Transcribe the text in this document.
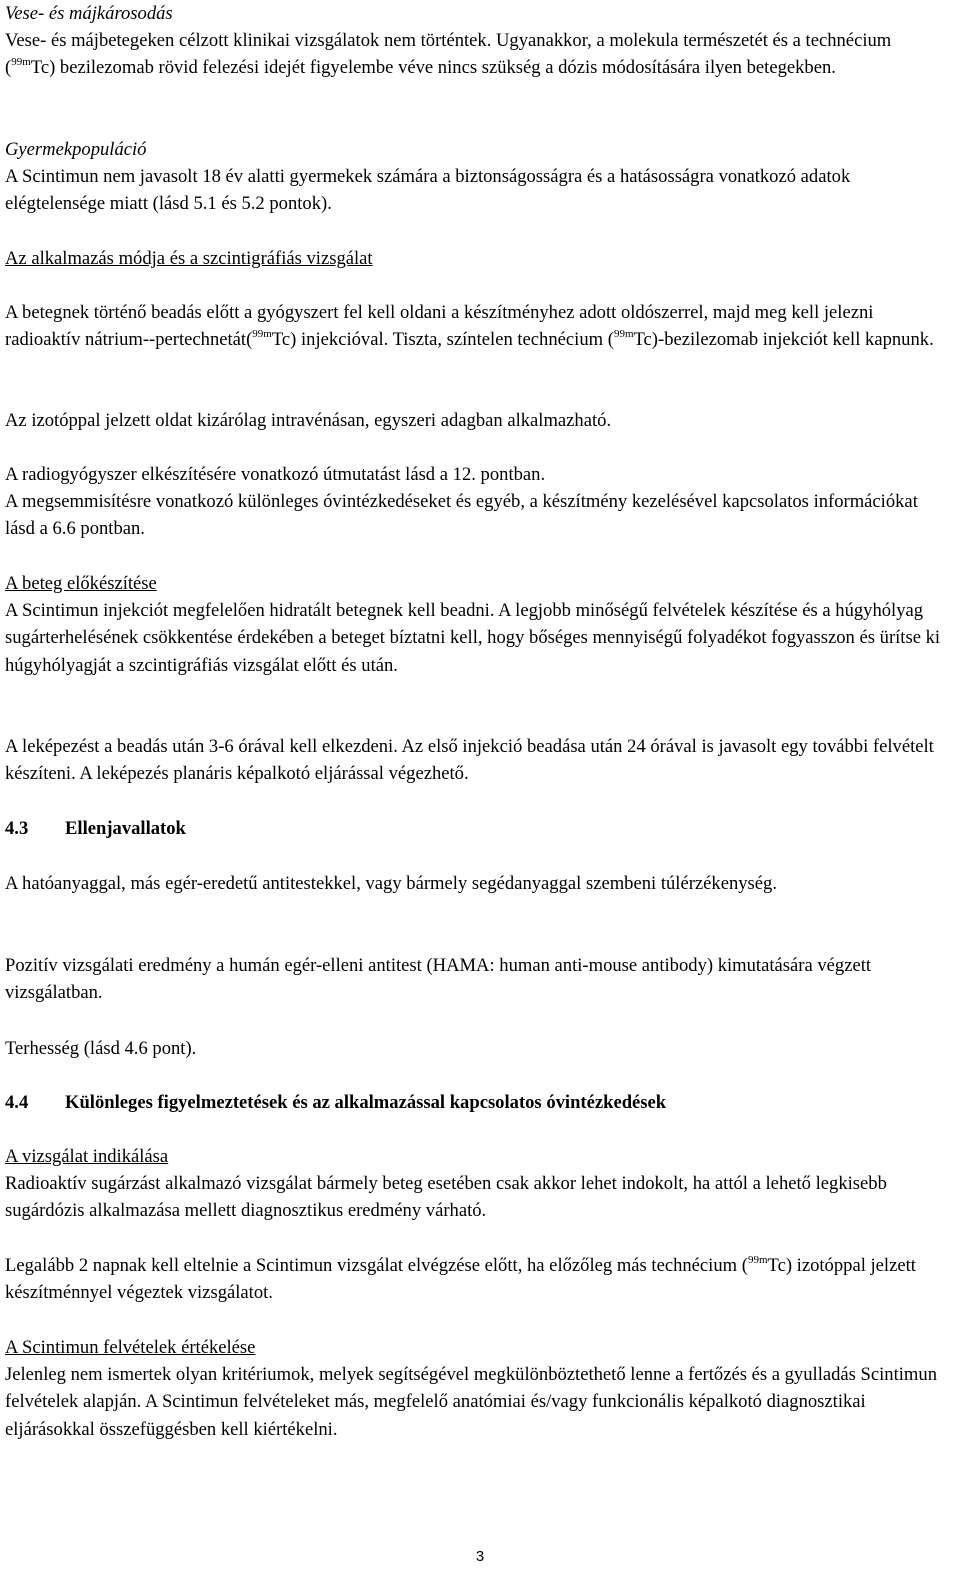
Vese- és májkárosodás

Vese- és májbetegeken célzott klinikai vizsgálatok nem történtek. Ugyanakkor, a molekula természetét és a technécium ($^{99m}$Tc) bezilezomab rövid felezési idejét figyelembe véve nincs szükség a dózis módosítására ilyen betegekben.

Gyermekpopuláció

A Scintimun nem javasolt 18 év alatti gyermekek számára a biztonságosságra és a hatásosságra vonatkozó adatok elégtelensége miatt (lásd 5.1 és 5.2 pontok).

Az alkalmazás módja és a szcintigráfiás vizsgálat

A betegnek történő beadás előtt a gyógyszert fel kell oldani a készítményhez adott oldószerrel, majd meg kell jelezni radioaktív nátrium--pertechnetát($^{99m}$Tc) injekcióval. Tiszta, színtelen technécium ($^{99m}$Tc)-bezilezomab injekciót kell kapnunk.

Az izotóppal jelzett oldat kizárólag intravénásan, egyszeri adagban alkalmazható.

A radiogyógyszer elkészítésére vonatkozó útmutatást lásd a 12. pontban.

A megsemmisítésre vonatkozó különleges óvintézkedéseket és egyéb, a készítmény kezelésével kapcsolatos információkat lásd a 6.6 pontban.

A beteg előkészítése

A Scintimun injekciót megfelelően hidratált betegnek kell beadni. A legjobb minőségű felvételek készítése és a húgyhólyag sugárterhelésének csökkentése érdekében a beteget bíztatni kell, hogy bőséges mennyiségű folyadékot fogyasszon és ürítse ki húgyhólyagját a szcintigráfiás vizsgálat előtt és után.

A leképezést a beadás után 3-6 órával kell elkezdeni. Az első injekció beadása után 24 órával is javasolt egy további felvételt készíteni. A leképezés planáris képalkotó eljárással végezhető.

4.3 Ellenjavallatok

A hatóanyaggal, más egér-eredetű antitestekkel, vagy bármely segédanyaggal szembeni túlérzékenység.

Pozitív vizsgálati eredmény a humán egér-elleni antitest (HAMA: human anti-mouse antibody) kimutatására végzett vizsgálatban.

Terhesség (lásd 4.6 pont).

4.4 Különleges figyelmeztetések és az alkalmazással kapcsolatos óvintézkedések

A vizsgálat indikálása

Radioaktív sugárzást alkalmazó vizsgálat bármely beteg esetében csak akkor lehet indokolt, ha attól a lehető legkisebb sugárdózis alkalmazása mellett diagnosztikus eredmény várható.

Legalább 2 napnak kell eltelnie a Scintimun vizsgálat elvégzése előtt, ha előzőleg más technécium ($^{99m}$Tc) izotóppal jelzett készítménnyel végeztek vizsgálatot.

A Scintimun felvételek értékelése

Jelenleg nem ismertek olyan kritériumok, melyek segítségével megkülönböztethető lenne a fertőzés és a gyulladás Scintimun felvételek alapján. A Scintimun felvételeket más, megfelelő anatómiai és/vagy funkcionális képalkotó diagnosztikai eljárásokkal összefüggésben kell kiértékelni.

3
